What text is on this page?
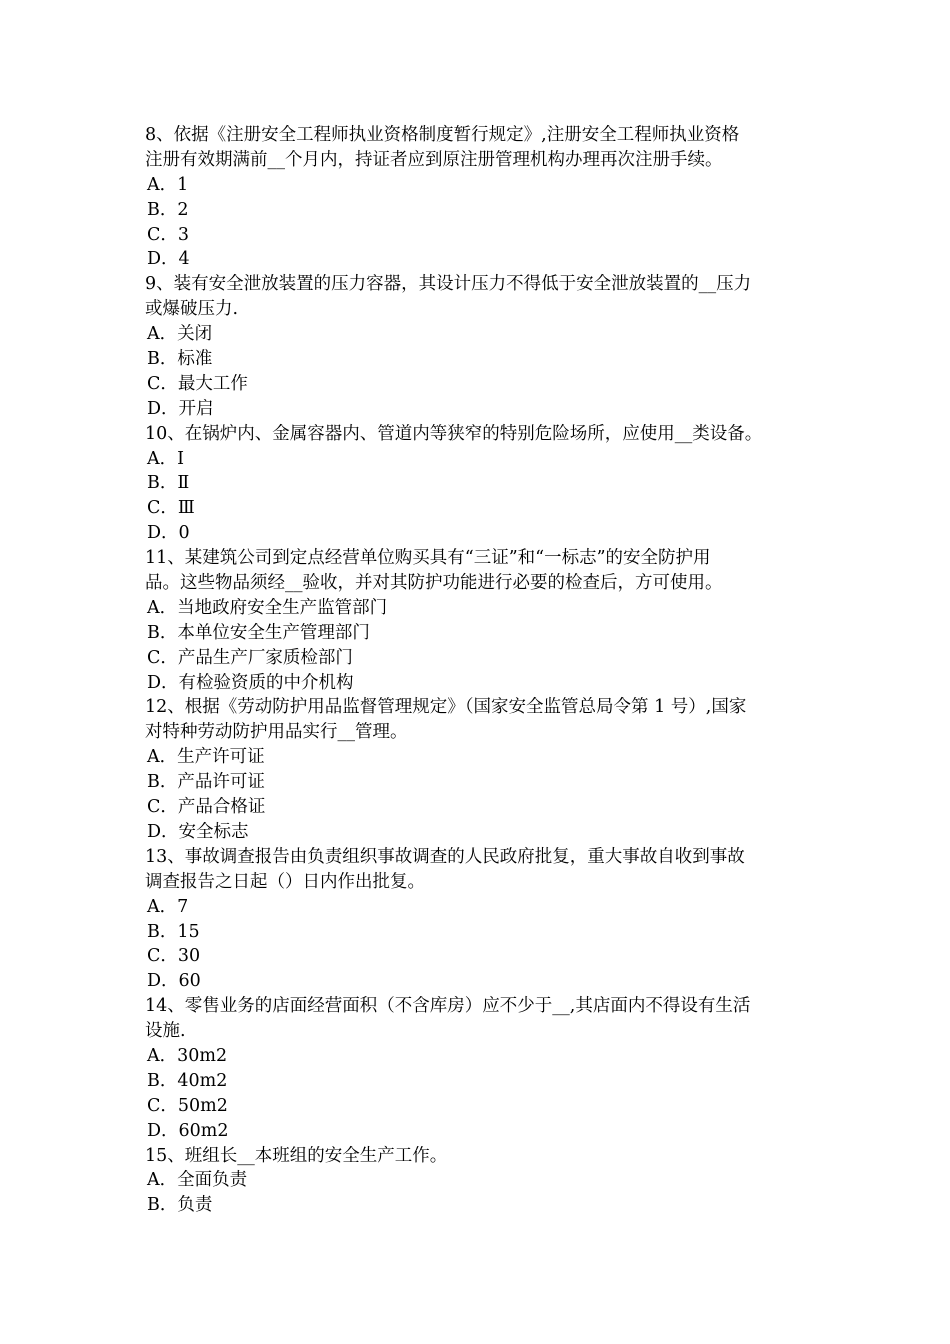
8、依据《注册安全工程师执业资格制度暂行规定》,注册安全工程师执业资格
注册有效期满前__个月内，持证者应到原注册管理机构办理再次注册手续。
A．1
B．2
C．3
D．4
9、装有安全泄放装置的压力容器，其设计压力不得低于安全泄放装置的__压力
或爆破压力.
A．关闭
B．标准
C．最大工作
D．开启
10、在锅炉内、金属容器内、管道内等狭窄的特别危险场所，应使用__类设备。
A．Ⅰ
B．Ⅱ
C．Ⅲ
D．0
11、某建筑公司到定点经营单位购买具有“三证”和“一标志”的安全防护用
品。这些物品须经__验收，并对其防护功能进行必要的检查后，方可使用。
A．当地政府安全生产监管部门
B．本单位安全生产管理部门
C．产品生产厂家质检部门
D．有检验资质的中介机构
12、根据《劳动防护用品监督管理规定》（国家安全监管总局令第 1 号）,国家
对特种劳动防护用品实行__管理。
A．生产许可证
B．产品许可证
C．产品合格证
D．安全标志
13、事故调查报告由负责组织事故调查的人民政府批复，重大事故自收到事故
调查报告之日起（）日内作出批复。
A．7
B．15
C．30
D．60
14、零售业务的店面经营面积（不含库房）应不少于__,其店面内不得设有生活
设施.
A．30m2
B．40m2
C．50m2
D．60m2
15、班组长__本班组的安全生产工作。
A．全面负责
B．负责
